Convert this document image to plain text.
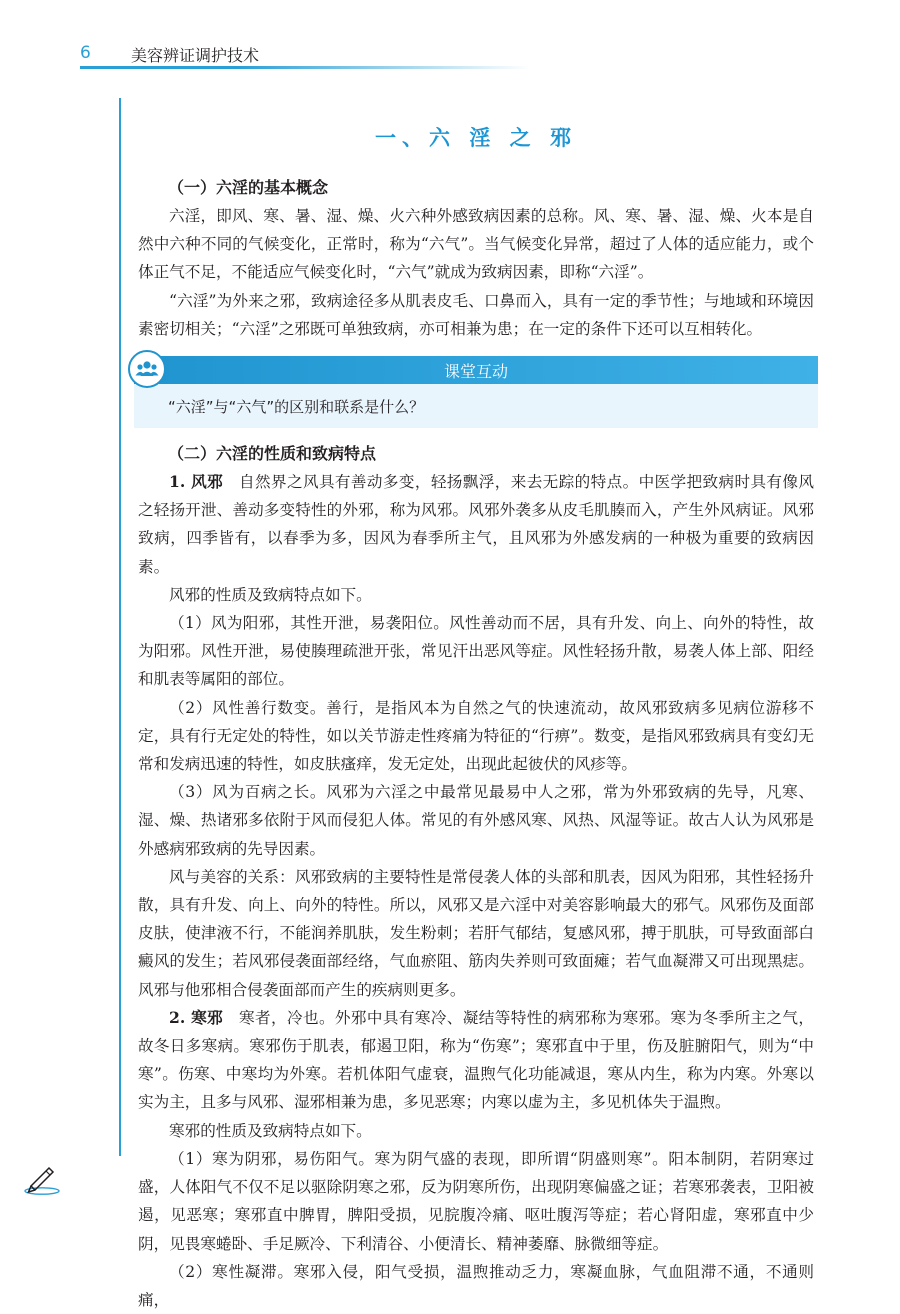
6	美容辨证调护技术
一、六 淫 之 邪
（一）六淫的基本概念

六淫，即风、寒、暑、湿、燥、火六种外感致病因素的总称。风、寒、暑、湿、燥、火本是自然中六种不同的气候变化，正常时，称为“六气”。当气候变化异常，超过了人体的适应能力，或个体正气不足，不能适应气候变化时，“六气”就成为致病因素，即称“六淫”。

“六淫”为外来之邪，致病途径多从肌表皮毛、口鼻而入，具有一定的季节性；与地域和环境因素密切相关；“六淫”之邪既可单独致病，亦可相兼为患；在一定的条件下还可以互相转化。

课堂互动
“六淫”与“六气”的区别和联系是什么？
（二）六淫的性质和致病特点

1. 风邪　自然界之风具有善动多变，轻扬飘浮，来去无踪的特点。中医学把致病时具有像风之轻扬开泄、善动多变特性的外邪，称为风邪。风邪外袭多从皮毛肌腠而入，产生外风病证。风邪致病，四季皆有，以春季为多，因风为春季所主气，且风邪为外感发病的一种极为重要的致病因素。

风邪的性质及致病特点如下。

（1）风为阳邪，其性开泄，易袭阳位。风性善动而不居，具有升发、向上、向外的特性，故为阳邪。风性开泄，易使腠理疏泄开张，常见汗出恶风等症。风性轻扬升散，易袭人体上部、阳经和肌表等属阳的部位。

（2）风性善行数变。善行，是指风本为自然之气的快速流动，故风邪致病多见病位游移不定，具有行无定处的特性，如以关节游走性疼痛为特征的“行痹”。数变，是指风邪致病具有变幻无常和发病迅速的特性，如皮肤瘙痒，发无定处，出现此起彼伏的风疹等。

（3）风为百病之长。风邪为六淫之中最常见最易中人之邪，常为外邪致病的先导，凡寒、湿、燥、热诸邪多依附于风而侵犯人体。常见的有外感风寒、风热、风湿等证。故古人认为风邪是外感病邪致病的先导因素。

风与美容的关系：风邪致病的主要特性是常侵袭人体的头部和肌表，因风为阳邪，其性轻扬升散，具有升发、向上、向外的特性。所以，风邪又是六淫中对美容影响最大的邪气。风邪伤及面部皮肤，使津液不行，不能润养肌肤，发生粉刺；若肝气郁结，复感风邪，搏于肌肤，可导致面部白癜风的发生；若风邪侵袭面部经络，气血瘀阻、筋肉失养则可致面瘫；若气血凝滞又可出现黑痣。风邪与他邪相合侵袭面部而产生的疾病则更多。

2. 寒邪　寒者，冷也。外邪中具有寒冷、凝结等特性的病邪称为寒邪。寒为冬季所主之气，故冬日多寒病。寒邪伤于肌表，郁遏卫阳，称为“伤寒”；寒邪直中于里，伤及脏腑阳气，则为“中寒”。伤寒、中寒均为外寒。若机体阳气虚衰，温煦气化功能减退，寒从内生，称为内寒。外寒以实为主，且多与风邪、湿邪相兼为患，多见恶寒；内寒以虚为主，多见机体失于温煦。

寒邪的性质及致病特点如下。

（1）寒为阴邪，易伤阳气。寒为阴气盛的表现，即所谓“阴盛则寒”。阳本制阴，若阴寒过盛，人体阳气不仅不足以驱除阴寒之邪，反为阴寒所伤，出现阴寒偏盛之证；若寒邪袭表，卫阳被遏，见恶寒；寒邪直中脾胃，脾阳受损，见脘腹冷痛、呕吐腹泻等症；若心肾阳虚，寒邪直中少阴，见畏寒蜷卧、手足厥冷、下利清谷、小便清长、精神萎靡、脉微细等症。

（2）寒性凝滞。寒邪入侵，阳气受损，温煦推动乏力，寒凝血脉，气血阻滞不通，不通则痛，
